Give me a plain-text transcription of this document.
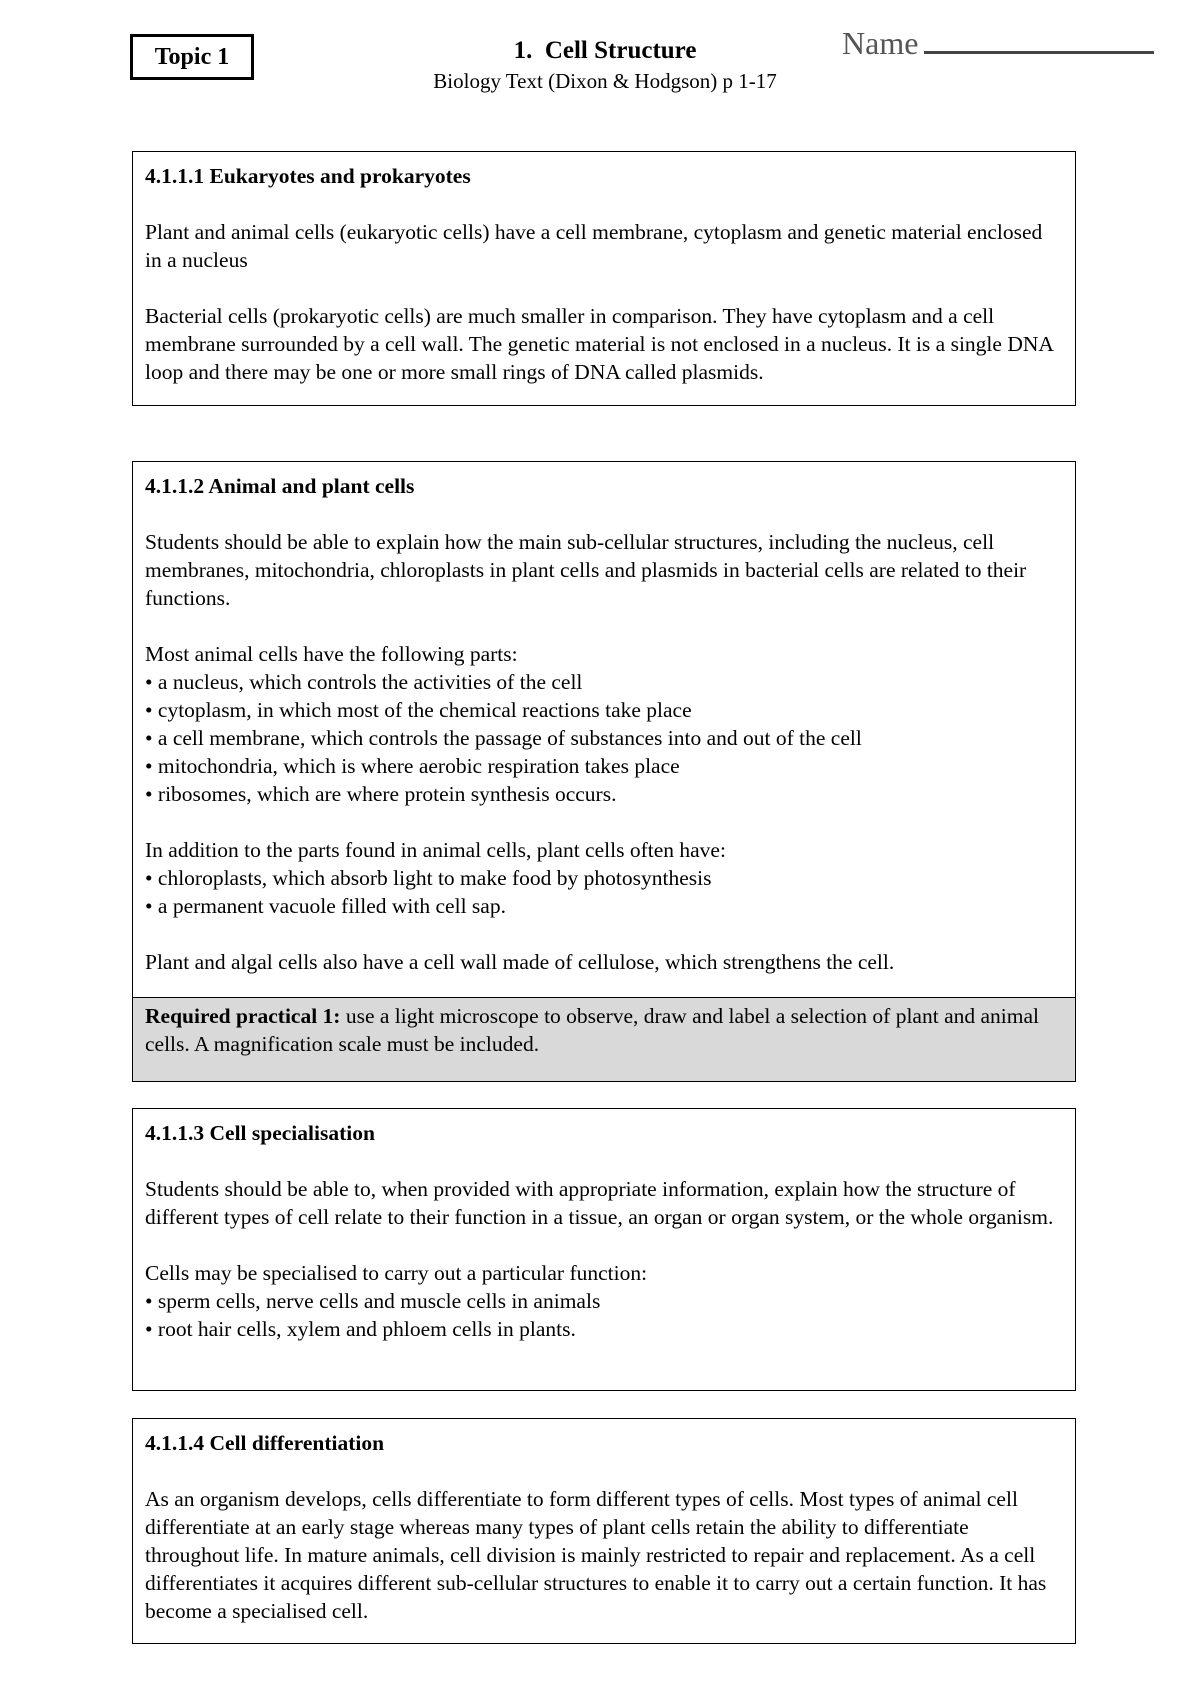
Topic 1	1.  Cell Structure
Biology Text (Dixon & Hodgson) p 1-17
Name
4.1.1.1 Eukaryotes and prokaryotes

Plant and animal cells (eukaryotic cells) have a cell membrane, cytoplasm and genetic material enclosed in a nucleus

Bacterial cells (prokaryotic cells) are much smaller in comparison. They have cytoplasm and a cell membrane surrounded by a cell wall. The genetic material is not enclosed in a nucleus. It is a single DNA loop and there may be one or more small rings of DNA called plasmids.

4.1.1.2 Animal and plant cells

Students should be able to explain how the main sub-cellular structures, including the nucleus, cell membranes, mitochondria, chloroplasts in plant cells and plasmids in bacterial cells are related to their functions.

Most animal cells have the following parts:

• a nucleus, which controls the activities of the cell
• cytoplasm, in which most of the chemical reactions take place
• a cell membrane, which controls the passage of substances into and out of the cell
• mitochondria, which is where aerobic respiration takes place
• ribosomes, which are where protein synthesis occurs.

In addition to the parts found in animal cells, plant cells often have:

• chloroplasts, which absorb light to make food by photosynthesis
• a permanent vacuole filled with cell sap.

Plant and algal cells also have a cell wall made of cellulose, which strengthens the cell.

Required practical 1: use a light microscope to observe, draw and label a selection of plant and animal cells. A magnification scale must be included.
4.1.1.3 Cell specialisation

Students should be able to, when provided with appropriate information, explain how the structure of different types of cell relate to their function in a tissue, an organ or organ system, or the whole organism.

Cells may be specialised to carry out a particular function:

• sperm cells, nerve cells and muscle cells in animals
• root hair cells, xylem and phloem cells in plants.
4.1.1.4 Cell differentiation

As an organism develops, cells differentiate to form different types of cells. Most types of animal cell differentiate at an early stage whereas many types of plant cells retain the ability to differentiate throughout life. In mature animals, cell division is mainly restricted to repair and replacement. As a cell differentiates it acquires different sub-cellular structures to enable it to carry out a certain function. It has become a specialised cell.
